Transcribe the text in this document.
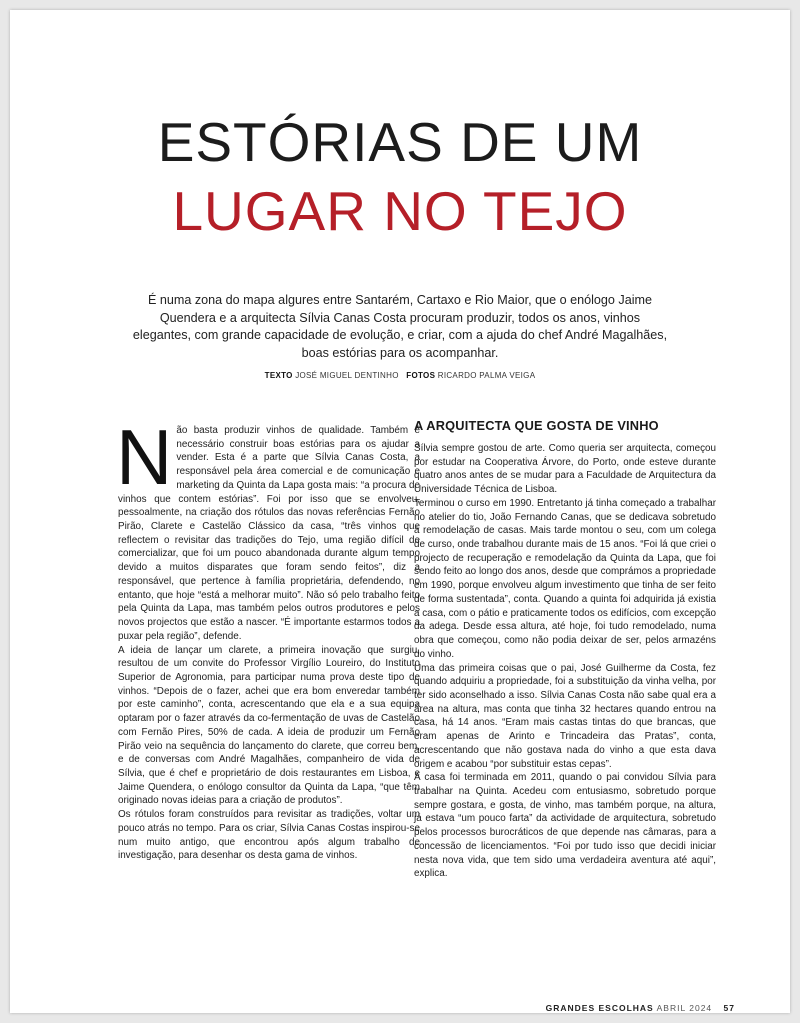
ESTÓRIAS DE UM
LUGAR NO TEJO
É numa zona do mapa algures entre Santarém, Cartaxo e Rio Maior, que o enólogo Jaime Quendera e a arquitecta Sílvia Canas Costa procuram produzir, todos os anos, vinhos elegantes, com grande capacidade de evolução, e criar, com a ajuda do chef André Magalhães, boas estórias para os acompanhar.
TEXTO JOSÉ MIGUEL DENTINHO FOTOS RICARDO PALMA VEIGA

Não basta produzir vinhos de qualidade. Também é necessário construir boas estórias para os ajudar a vender. Esta é a parte que Sílvia Canas Costa, a responsável pela área comercial e de comunicação e marketing da Quinta da Lapa gosta mais: “a procura de vinhos que contem estórias”. Foi por isso que se envolveu, pessoalmente, na criação dos rótulos das novas referências Fernão Pirão, Clarete e Castelão Clássico da casa, “três vinhos que reflectem o revisitar das tradições do Tejo, uma região difícil de comercializar, que foi um pouco abandonada durante algum tempo devido a muitos disparates que foram sendo feitos”, diz a responsável, que pertence à família proprietária, defendendo, no entanto, que hoje “está a melhorar muito”. Não só pelo trabalho feito pela Quinta da Lapa, mas também pelos outros produtores e pelos novos projectos que estão a nascer. “É importante estarmos todos a puxar pela região”, defende.

A ideia de lançar um clarete, a primeira inovação que surgiu, resultou de um convite do Professor Virgílio Loureiro, do Instituto Superior de Agronomia, para participar numa prova deste tipo de vinhos. “Depois de o fazer, achei que era bom enveredar também por este caminho”, conta, acrescentando que ela e a sua equipa optaram por o fazer através da co-fermentação de uvas de Castelão com Fernão Pires, 50% de cada. A ideia de produzir um Fernão Pirão veio na sequência do lançamento do clarete, que correu bem, e de conversas com André Magalhães, companheiro de vida de Sílvia, que é chef e proprietário de dois restaurantes em Lisboa, e Jaime Quendera, o enólogo consultor da Quinta da Lapa, “que têm originado novas ideias para a criação de produtos”.

Os rótulos foram construídos para revisitar as tradições, voltar um pouco atrás no tempo. Para os criar, Sílvia Canas Costas inspirou-se num muito antigo, que encontrou após algum trabalho de investigação, para desenhar os desta gama de vinhos.

A ARQUITECTA QUE GOSTA DE VINHO

Sílvia sempre gostou de arte. Como queria ser arquitecta, começou por estudar na Cooperativa Árvore, do Porto, onde esteve durante quatro anos antes de se mudar para a Faculdade de Arquitectura da Universidade Técnica de Lisboa.

Terminou o curso em 1990. Entretanto já tinha começado a trabalhar no atelier do tio, João Fernando Canas, que se dedicava sobretudo à remodelação de casas. Mais tarde montou o seu, com um colega de curso, onde trabalhou durante mais de 15 anos. “Foi lá que criei o projecto de recuperação e remodelação da Quinta da Lapa, que foi sendo feito ao longo dos anos, desde que comprámos a propriedade em 1990, porque envolveu algum investimento que tinha de ser feito de forma sustentada”, conta. Quando a quinta foi adquirida já existia a casa, com o pátio e praticamente todos os edifícios, com excepção da adega. Desde essa altura, até hoje, foi tudo remodelado, numa obra que começou, como não podia deixar de ser, pelos armazéns do vinho.

Uma das primeira coisas que o pai, José Guilherme da Costa, fez quando adquiriu a propriedade, foi a substituição da vinha velha, por ter sido aconselhado a isso. Sílvia Canas Costa não sabe qual era a área na altura, mas conta que tinha 32 hectares quando entrou na casa, há 14 anos. “Eram mais castas tintas do que brancas, que eram apenas de Arinto e Trincadeira das Pratas”, conta, acrescentando que não gostava nada do vinho a que esta dava origem e acabou “por substituir estas cepas”.

A casa foi terminada em 2011, quando o pai convidou Sílvia para trabalhar na Quinta. Acedeu com entusiasmo, sobretudo porque sempre gostara, e gosta, de vinho, mas também porque, na altura, já estava “um pouco farta” da actividade de arquitectura, sobretudo pelos processos burocráticos de que depende nas câmaras, para a concessão de licenciamentos. “Foi por tudo isso que decidi iniciar nesta nova vida, que tem sido uma verdadeira aventura até aqui”, explica.

GRANDES ESCOLHAS ABRIL 2024 57
